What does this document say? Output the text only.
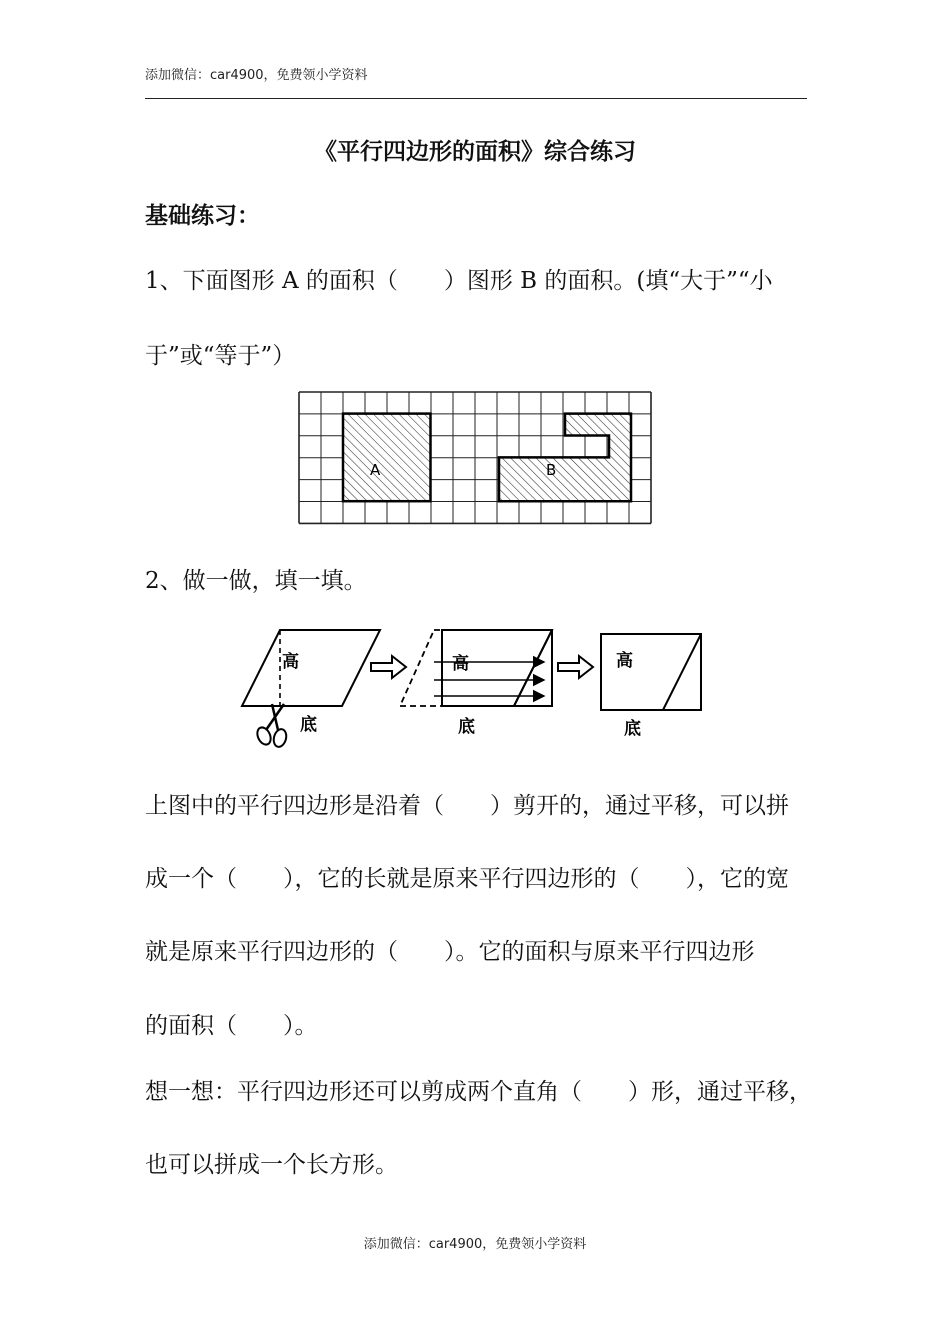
添加微信：car4900，免费领小学资料
《平行四边形的面积》综合练习
基础练习：
1、下面图形 A 的面积（　　）图形 B 的面积。(填“大于”“小
于”或“等于”）
A	B
2、做一做，填一填。
高
底
高
底
高
底
上图中的平行四边形是沿着（　　）剪开的，通过平移，可以拼
成一个（　　），它的长就是原来平行四边形的（　　），它的宽
就是原来平行四边形的（　　）。它的面积与原来平行四边形
的面积（　　）。
想一想：平行四边形还可以剪成两个直角（　　）形，通过平移，
也可以拼成一个长方形。
添加微信：car4900，免费领小学资料
